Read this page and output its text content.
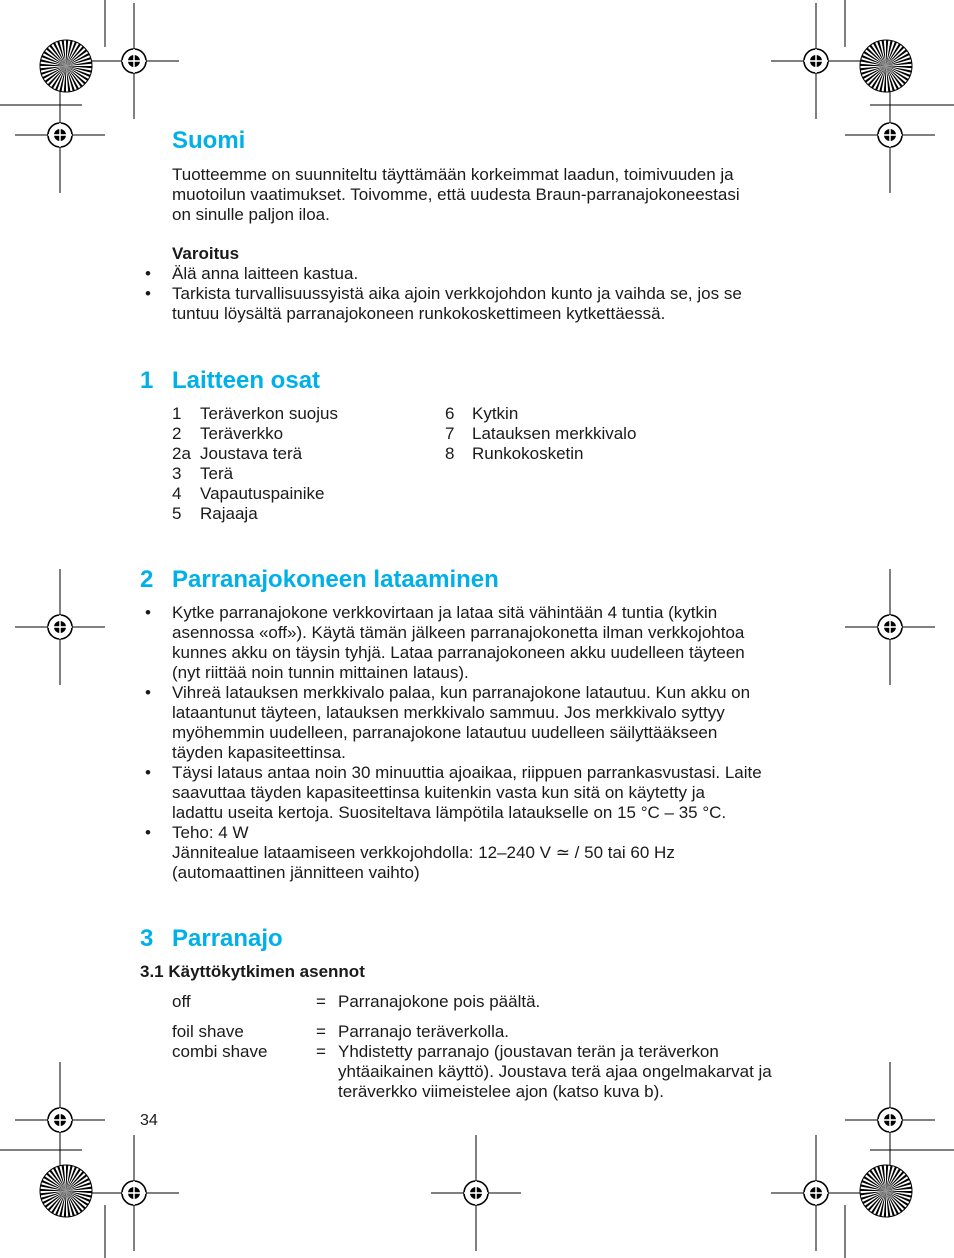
Suomi
Tuotteemme on suunniteltu täyttämään korkeimmat laadun, toimivuuden ja
muotoilun vaatimukset. Toivomme, että uudesta Braun-parranajokoneestasi
on sinulle paljon iloa.
Varoitus
• Älä anna laitteen kastua.
• Tarkista turvallisuussyistä aika ajoin verkkojohdon kunto ja vaihda se, jos se
tuntuu löysältä parranajokoneen runkokoskettimeen kytkettäessä.
1 Laitteen osat
1 Teräverkon suojus
2 Teräverkko
2a Joustava terä
3 Terä
4 Vapautuspainike
5 Rajaaja
6 Kytkin
7 Latauksen merkkivalo
8 Runkokosketin
2 Parranajokoneen lataaminen
• Kytke parranajokone verkkovirtaan ja lataa sitä vähintään 4 tuntia (kytkin
asennossa «off»). Käytä tämän jälkeen parranajokonetta ilman verkkojohtoa
kunnes akku on täysin tyhjä. Lataa parranajokoneen akku uudelleen täyteen
(nyt riittää noin tunnin mittainen lataus).
• Vihreä latauksen merkkivalo palaa, kun parranajokone latautuu. Kun akku on
lataantunut täyteen, latauksen merkkivalo sammuu. Jos merkkivalo syttyy
myöhemmin uudelleen, parranajokone latautuu uudelleen säilyttääkseen
täyden kapasiteettinsa.
• Täysi lataus antaa noin 30 minuuttia ajoaikaa, riippuen parrankasvustasi. Laite
saavuttaa täyden kapasiteettinsa kuitenkin vasta kun sitä on käytetty ja
ladattu useita kertoja. Suositeltava lämpötila lataukselle on 15 °C – 35 °C.
• Teho: 4 W
Jännitealue lataamiseen verkkojohdolla: 12–240 V ≃ / 50 tai 60 Hz
(automaattinen jännitteen vaihto)
3 Parranajo
3.1 Käyttökytkimen asennot
off	= Parranajokone pois päältä.
foil shave	= Parranajo teräverkolla.
combi shave	= Yhdistetty parranajo (joustavan terän ja teräverkon
yhtäaikainen käyttö). Joustava terä ajaa ongelmakarvat ja
teräverkko viimeistelee ajon (katso kuva b).
34
